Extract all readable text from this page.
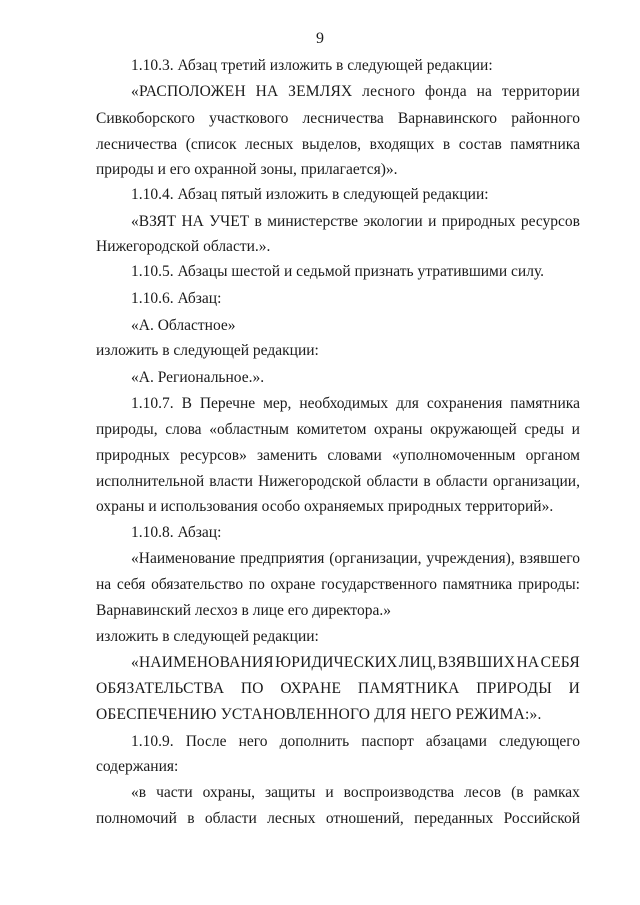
9
1.10.3. Абзац третий изложить в следующей редакции:
«РАСПОЛОЖЕН НА ЗЕМЛЯХ лесного фонда на территории
Сивкоборского участкового лесничества Варнавинского районного
лесничества (список лесных выделов, входящих в состав памятника
природы и его охранной зоны, прилагается)».
1.10.4. Абзац пятый изложить в следующей редакции:
«ВЗЯТ НА УЧЕТ в министерстве экологии и природных ресурсов
Нижегородской области.».
1.10.5. Абзацы шестой и седьмой признать утратившими силу.
1.10.6. Абзац:
«А. Областное»
изложить в следующей редакции:
«А. Региональное.».
1.10.7. В Перечне мер, необходимых для сохранения памятника
природы, слова «областным комитетом охраны окружающей среды и
природных ресурсов» заменить словами «уполномоченным органом
исполнительной власти Нижегородской области в области организации,
охраны и использования особо охраняемых природных территорий».
1.10.8. Абзац:
«Наименование предприятия (организации, учреждения), взявшего
на себя обязательство по охране государственного памятника природы:
Варнавинский лесхоз в лице его директора.»
изложить в следующей редакции:
«НАИМЕНОВАНИЯ ЮРИДИЧЕСКИХ ЛИЦ, ВЗЯВШИХ НА СЕБЯ
ОБЯЗАТЕЛЬСТВА ПО ОХРАНЕ ПАМЯТНИКА ПРИРОДЫ И
ОБЕСПЕЧЕНИЮ УСТАНОВЛЕННОГО ДЛЯ НЕГО РЕЖИМА:».
1.10.9. После него дополнить паспорт абзацами следующего
содержания:
«в части охраны, защиты и воспроизводства лесов (в рамках
полномочий в области лесных отношений, переданных Российской
